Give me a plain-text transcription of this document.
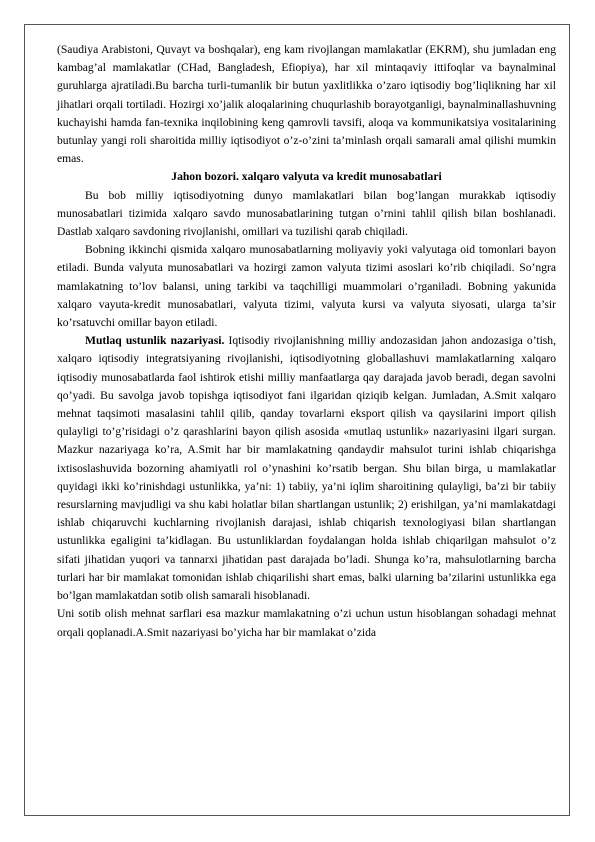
(Saudiya Arabistoni, Quvayt va boshqalar), eng kam rivojlangan mamlakatlar (EKRM), shu jumladan eng kambag’al mamlakatlar (CHad, Bangladesh, Efiopiya), har xil mintaqaviy ittifoqlar va baynalminal guruhlarga ajratiladi.Bu barcha turli-tumanlik bir butun yaxlitlikka o’zaro iqtisodiy bog’liqlikning har xil jihatlari orqali tortiladi. Hozirgi xo’jalik aloqalarining chuqurlashib borayotganligi, baynalminallashuvning kuchayishi hamda fan-texnika inqilobining keng qamrovli tavsifi, aloqa va kommunikatsiya vositalarining butunlay yangi roli sharoitida milliy iqtisodiyot o’z-o’zini ta’minlash orqali samarali amal qilishi mumkin emas.

Jahon bozori. xalqaro valyuta va kredit munosabatlari

Bu bob milliy iqtisodiyotning dunyo mamlakatlari bilan bog’langan murakkab iqtisodiy munosabatlari tizimida xalqaro savdo munosabatlarining tutgan o’rnini tahlil qilish bilan boshlanadi. Dastlab xalqaro savdoning rivojlanishi, omillari va tuzilishi qarab chiqiladi.

Bobning ikkinchi qismida xalqaro munosabatlarning moliyaviy yoki valyutaga oid tomonlari bayon etiladi. Bunda valyuta munosabatlari va hozirgi zamon valyuta tizimi asoslari ko’rib chiqiladi. So’ngra mamlakatning to’lov balansi, uning tarkibi va taqchilligi muammolari o’rganiladi. Bobning yakunida xalqaro vayuta-kredit munosabatlari, valyuta tizimi, valyuta kursi va valyuta siyosati, ularga ta’sir ko’rsatuvchi omillar bayon etiladi.

Mutlaq ustunlik nazariyasi. Iqtisodiy rivojlanishning milliy andozasidan jahon andozasiga o’tish, xalqaro iqtisodiy integratsiyaning rivojlanishi, iqtisodiyotning globallashuvi mamlakatlarning xalqaro iqtisodiy munosabatlarda faol ishtirok etishi milliy manfaatlarga qay darajada javob beradi, degan savolni qo’yadi. Bu savolga javob topishga iqtisodiyot fani ilgaridan qiziqib kelgan. Jumladan, A.Smit xalqaro mehnat taqsimoti masalasini tahlil qilib, qanday tovarlarni eksport qilish va qaysilarini import qilish qulayligi to’g’risidagi o’z qarashlarini bayon qilish asosida «mutlaq ustunlik» nazariyasini ilgari surgan. Mazkur nazariyaga ko’ra, A.Smit har bir mamlakatning qandaydir mahsulot turini ishlab chiqarishga ixtisoslashuvida bozorning ahamiyatli rol o’ynashini ko’rsatib bergan. Shu bilan birga, u mamlakatlar quyidagi ikki ko’rinishdagi ustunlikka, ya’ni: 1) tabiiy, ya’ni iqlim sharoitining qulayligi, ba’zi bir tabiiy resurslarning mavjudligi va shu kabi holatlar bilan shartlangan ustunlik; 2) erishilgan, ya’ni mamlakatdagi ishlab chiqaruvchi kuchlarning rivojlanish darajasi, ishlab chiqarish texnologiyasi bilan shartlangan ustunlikka egaligini ta’kidlagan. Bu ustunliklardan foydalangan holda ishlab chiqarilgan mahsulot o’z sifati jihatidan yuqori va tannarxi jihatidan past darajada bo’ladi. Shunga ko’ra, mahsulotlarning barcha turlari har bir mamlakat tomonidan ishlab chiqarilishi shart emas, balki ularning ba’zilarini ustunlikka ega bo’lgan mamlakatdan sotib olish samarali hisoblanadi.

Uni sotib olish mehnat sarflari esa mazkur mamlakatning o’zi uchun ustun hisoblangan sohadagi mehnat orqali qoplanadi.A.Smit nazariyasi bo’yicha har bir mamlakat o’zida
